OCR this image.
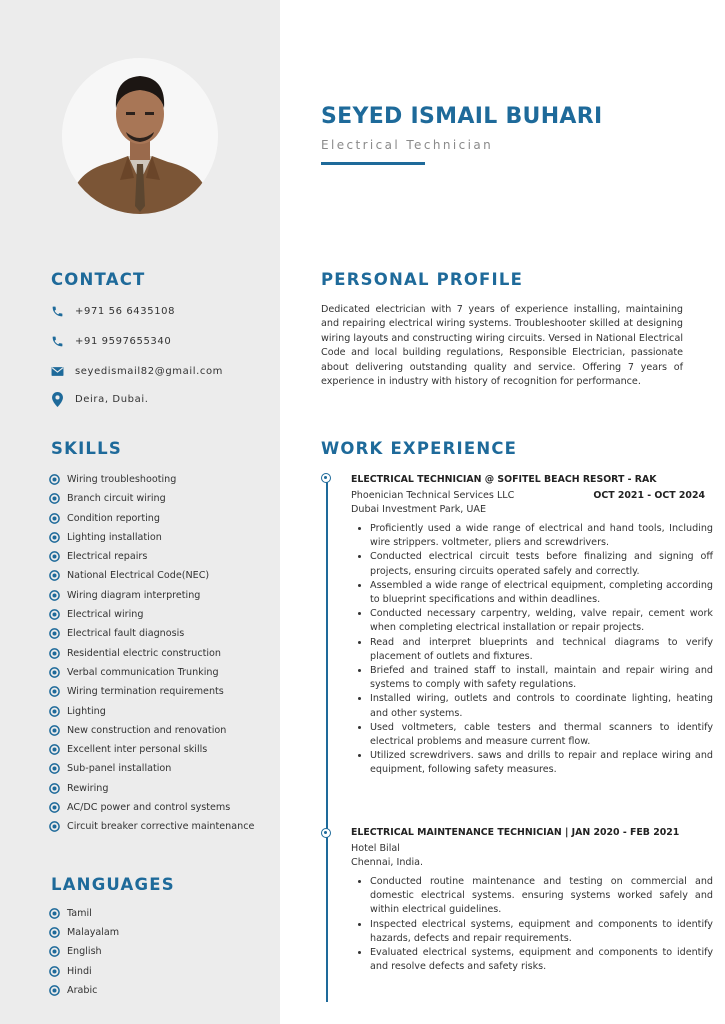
CONTACT
+971 56 6435108
+91 9597655340
seyedismail82@gmail.com
Deira, Dubai.
SKILLS
Wiring troubleshooting
Branch circuit wiring
Condition reporting
Lighting installation
Electrical repairs
National Electrical Code(NEC)
Wiring diagram interpreting
Electrical wiring
Electrical fault diagnosis
Residential electric construction
Verbal communication Trunking
Wiring termination requirements
Lighting
New construction and renovation
Excellent inter personal skills
Sub-panel installation
Rewiring
AC/DC power and control systems
Circuit breaker corrective maintenance
LANGUAGES
Tamil
Malayalam
English
Hindi
Arabic
SEYED ISMAIL BUHARI

Electrical Technician

PERSONAL PROFILE

Dedicated electrician with 7 years of experience installing, maintaining and repairing electrical wiring systems. Troubleshooter skilled at designing wiring layouts and constructing wiring circuits. Versed in National Electrical Code and local building regulations, Responsible Electrician, passionate about delivering outstanding quality and service. Offering 7 years of experience in industry with history of recognition for performance.

WORK EXPERIENCE

ELECTRICAL TECHNICIAN @ SOFITEL BEACH RESORT - RAK

Phoenician Technical Services LLC	OCT 2021 - OCT 2024

Dubai Investment Park, UAE

• Proficiently used a wide range of electrical and hand tools, Including wire strippers. voltmeter, pliers and screwdrivers.
• Conducted electrical circuit tests before finalizing and signing off projects, ensuring circuits operated safely and correctly.
• Assembled a wide range of electrical equipment, completing according to blueprint specifications and within deadlines.
• Conducted necessary carpentry, welding, valve repair, cement work when completing electrical installation or repair projects.
• Read and interpret blueprints and technical diagrams to verify placement of outlets and fixtures.
• Briefed and trained staff to install, maintain and repair wiring and systems to comply with safety regulations.
• Installed wiring, outlets and controls to coordinate lighting, heating and other systems.
• Used voltmeters, cable testers and thermal scanners to identify electrical problems and measure current flow.
• Utilized screwdrivers. saws and drills to repair and replace wiring and equipment, following safety measures.

ELECTRICAL MAINTENANCE TECHNICIAN | JAN 2020 - FEB 2021

Hotel Bilal

Chennai, India.

• Conducted routine maintenance and testing on commercial and domestic electrical systems. ensuring systems worked safely and within electrical guidelines.
• Inspected electrical systems, equipment and components to identify hazards, defects and repair requirements.
• Evaluated electrical systems, equipment and components to identify and resolve defects and safety risks.
